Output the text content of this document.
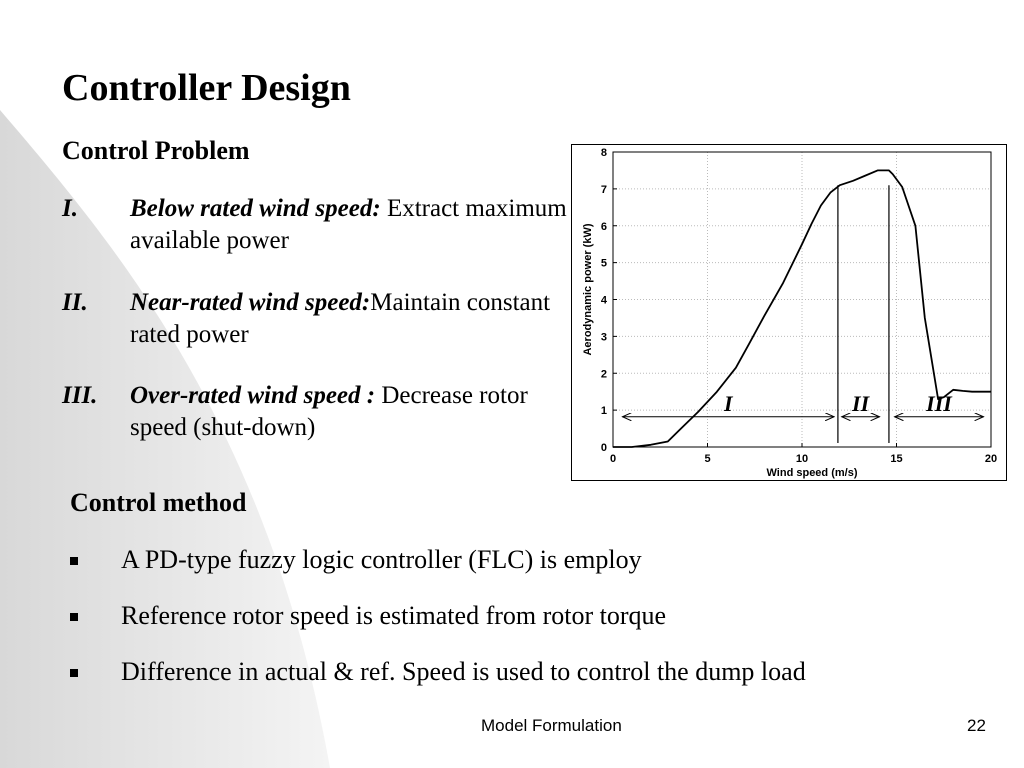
Controller Design
Control Problem
I. Below rated wind speed: Extract maximum available power
II. Near-rated wind speed:Maintain constant rated power
III. Over-rated wind speed : Decrease rotor speed (shut-down)
0	5	10	15	20
0
1
2
3
4
5
6
7
8
Wind speed (m/s)
Aerodynamic power (kW)
I	II	III
Control method
A PD-type fuzzy logic controller (FLC) is employ
Reference rotor speed is estimated from rotor torque
Difference in actual & ref. Speed is used to control the dump load
Model Formulation	22
